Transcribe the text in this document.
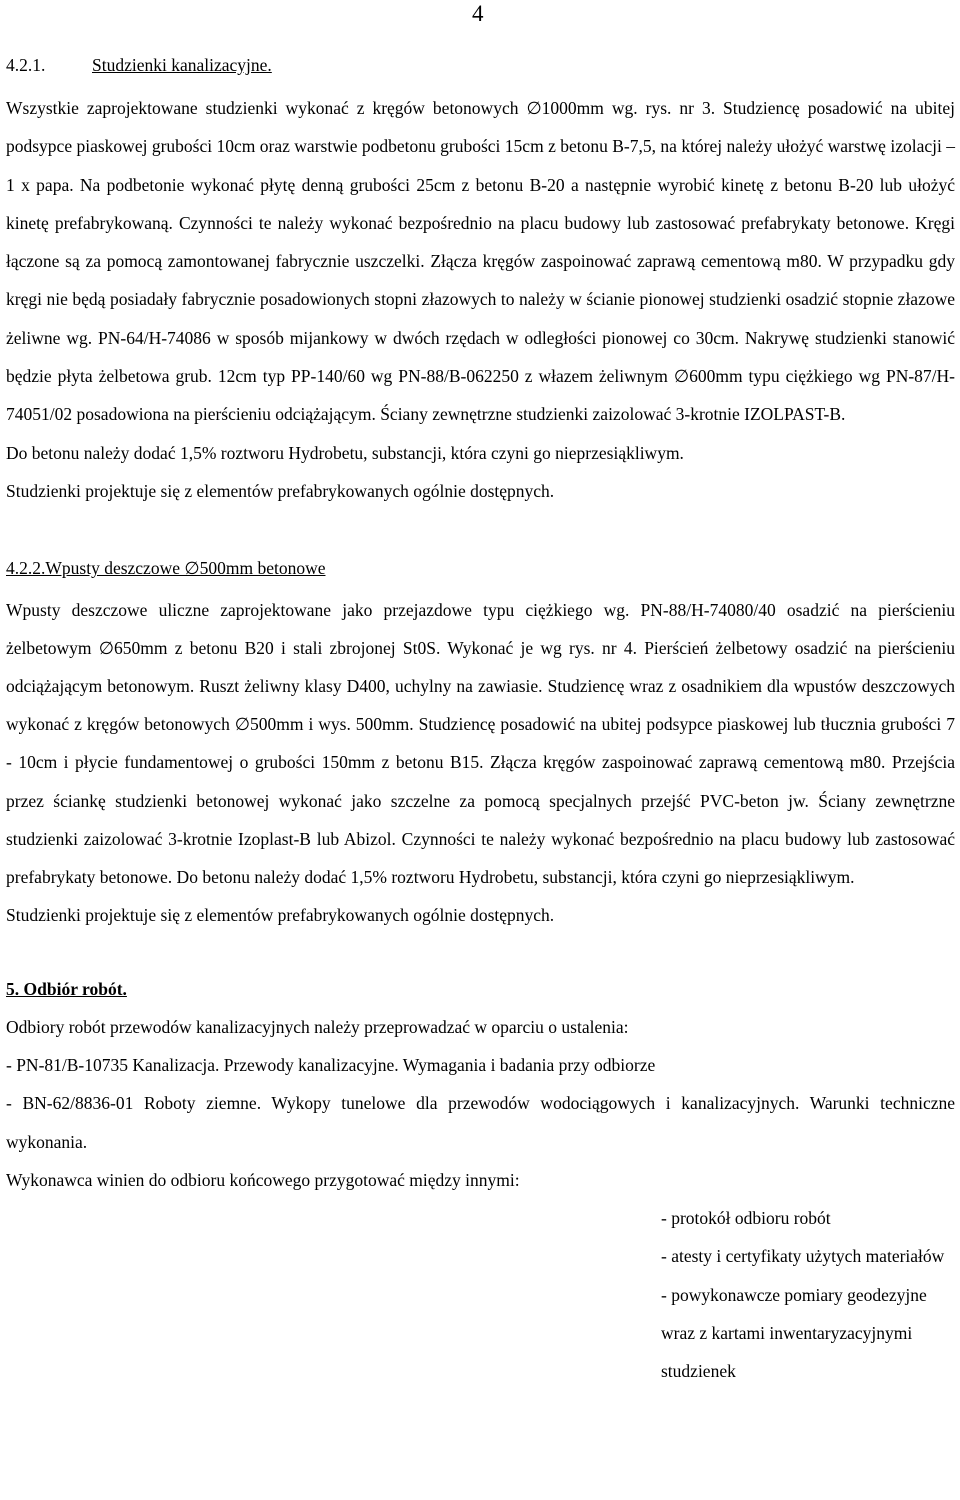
4
4.2.1.	Studzienki kanalizacyjne.

Wszystkie zaprojektowane studzienki wykonać z kręgów betonowych ∅1000mm wg. rys. nr 3. Studziencę posadowić na ubitej podsypce piaskowej grubości 10cm oraz warstwie podbetonu grubości 15cm z betonu B-7,5, na której należy ułożyć warstwę izolacji – 1 x papa. Na podbetonie wykonać płytę denną grubości 25cm z betonu B-20 a następnie wyrobić kinetę z betonu B-20 lub ułożyć kinetę prefabrykowaną. Czynności te należy wykonać bezpośrednio na placu budowy lub zastosować prefabrykaty betonowe. Kręgi łączone są za pomocą zamontowanej fabrycznie uszczelki. Złącza kręgów zaspoinować zaprawą cementową m80. W przypadku gdy kręgi nie będą posiadały fabrycznie posadowionych stopni złazowych to należy w ścianie pionowej studzienki osadzić stopnie złazowe żeliwne wg. PN-64/H-74086 w sposób mijankowy w dwóch rzędach w odległości pionowej co 30cm. Nakrywę studzienki stanowić będzie płyta żelbetowa grub. 12cm typ PP-140/60 wg PN-88/B-062250 z włazem żeliwnym ∅600mm typu ciężkiego wg PN-87/H-74051/02 posadowiona na pierścieniu odciążającym. Ściany zewnętrzne studzienki zaizolować 3-krotnie IZOLPAST-B.

Do betonu należy dodać 1,5% roztworu Hydrobetu, substancji, która czyni go nieprzesiąkliwym.

Studzienki projektuje się z elementów prefabrykowanych ogólnie dostępnych.

4.2.2.Wpusty deszczowe ∅500mm betonowe

Wpusty deszczowe uliczne zaprojektowane jako przejazdowe typu ciężkiego wg. PN-88/H-74080/40 osadzić na pierścieniu żelbetowym ∅650mm z betonu B20 i stali zbrojonej St0S. Wykonać je wg rys. nr 4. Pierścień żelbetowy osadzić na pierścieniu odciążającym betonowym. Ruszt żeliwny klasy D400, uchylny na zawiasie. Studziencę wraz z osadnikiem dla wpustów deszczowych wykonać z kręgów betonowych ∅500mm i wys. 500mm. Studziencę posadowić na ubitej podsypce piaskowej lub tłucznia grubości 7 - 10cm i płycie fundamentowej o grubości 150mm z betonu B15. Złącza kręgów zaspoinować zaprawą cementową m80. Przejścia przez ściankę studzienki betonowej wykonać jako szczelne za pomocą specjalnych przejść PVC-beton jw. Ściany zewnętrzne studzienki zaizolować 3-krotnie Izoplast-B lub Abizol. Czynności te należy wykonać bezpośrednio na placu budowy lub zastosować prefabrykaty betonowe. Do betonu należy dodać 1,5% roztworu Hydrobetu, substancji, która czyni go nieprzesiąkliwym.

Studzienki projektuje się z elementów prefabrykowanych ogólnie dostępnych.

5. Odbiór robót.

Odbiory robót przewodów kanalizacyjnych należy przeprowadzać w oparciu o ustalenia:

- PN-81/B-10735 Kanalizacja. Przewody kanalizacyjne. Wymagania i badania przy odbiorze

- BN-62/8836-01 Roboty ziemne. Wykopy tunelowe dla przewodów wodociągowych i kanalizacyjnych. Warunki techniczne wykonania.

Wykonawca winien do odbioru końcowego przygotować między innymi:

- protokół odbioru robót

- atesty i certyfikaty użytych materiałów

- powykonawcze pomiary geodezyjne wraz z kartami inwentaryzacyjnymi studzienek
